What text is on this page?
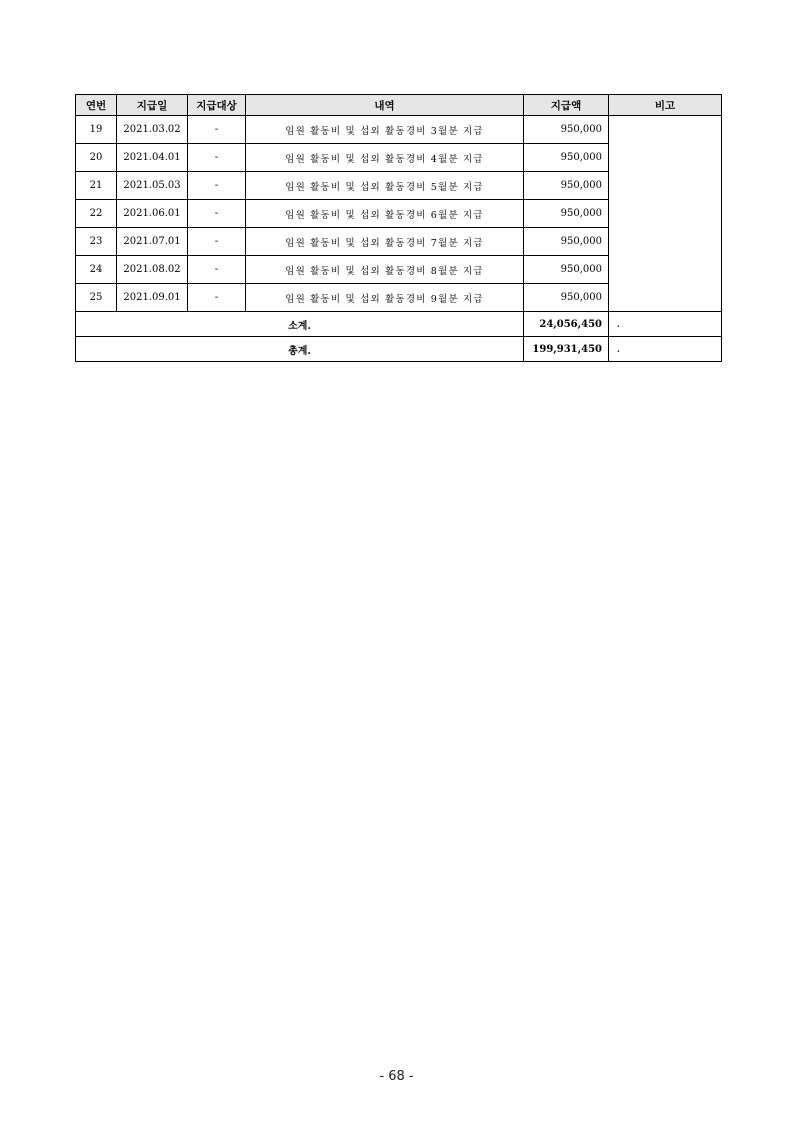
연번	지급일	지급대상	내역	지급액	비고
19	2021.03.02	-	임원 활동비 및 섭외 활동경비 3월분 지급	950,000	
20	2021.04.01	-	임원 활동비 및 섭외 활동경비 4월분 지급	950,000	
21	2021.05.03	-	임원 활동비 및 섭외 활동경비 5월분 지급	950,000	
22	2021.06.01	-	임원 활동비 및 섭외 활동경비 6월분 지급	950,000	
23	2021.07.01	-	임원 활동비 및 섭외 활동경비 7월분 지급	950,000	
24	2021.08.02	-	임원 활동비 및 섭외 활동경비 8월분 지급	950,000	
25	2021.09.01	-	임원 활동비 및 섭외 활동경비 9월분 지급	950,000	
소계.				24,056,450	.
총계.				199,931,450	.
- 68 -
